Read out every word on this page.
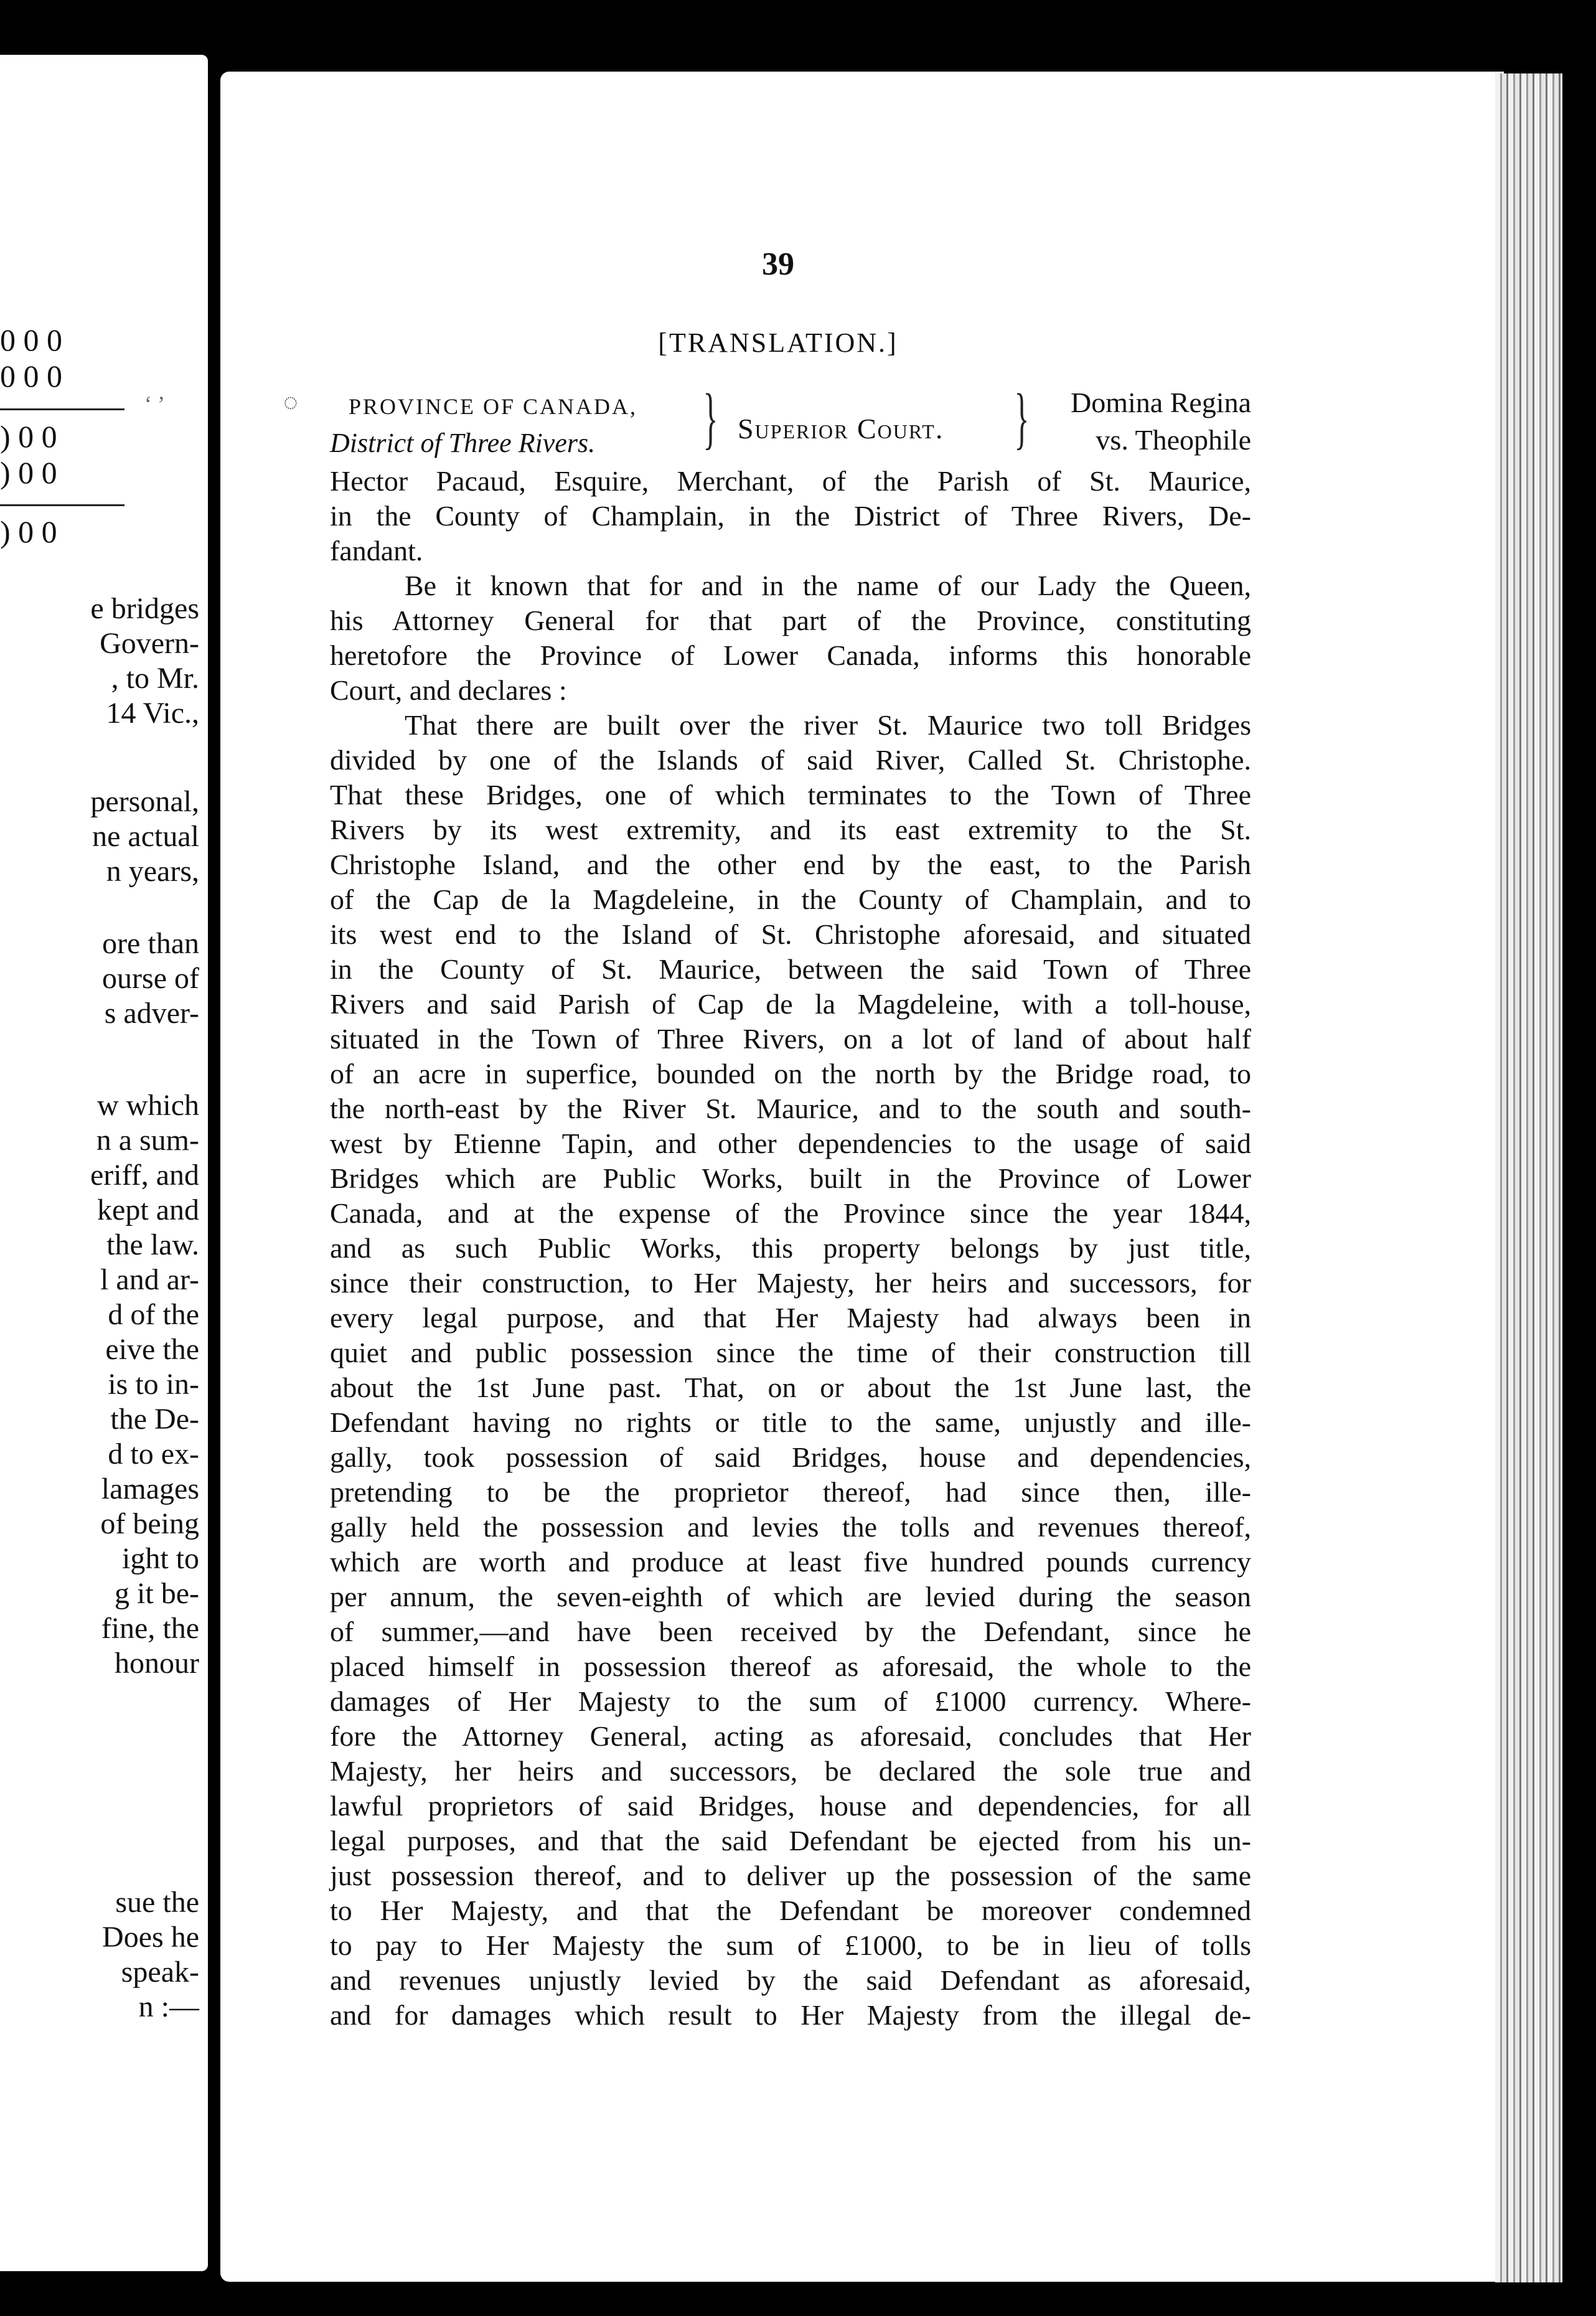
0 0 0
0 0 0
) 0 0
) 0 0
) 0 0
‘ ’
e bridges
Govern-
, to Mr.
14 Vic.,
personal,
ne actual
n years,
ore than
ourse of
s adver-
w which
n a sum-
eriff, and
kept and
the law.
l and ar-
d of the
eive the
is to in-
the De-
d to ex-
lamages
of being
ight to
g it be-
fine, the
honour
sue the
Does he
speak-
n :—
39
[TRANSLATION.]
◌ PROVINCE OF CANADA,
District of Three Rivers. } Superior Court. } Domina Regina
vs. Theophile
Hector Pacaud, Esquire, Merchant, of the Parish of St. Maurice,
in the County of Champlain, in the District of Three Rivers, De-
fandant.
Be it known that for and in the name of our Lady the Queen,
his Attorney General for that part of the Province, constituting
heretofore the Province of Lower Canada, informs this honorable
Court, and declares :
That there are built over the river St. Maurice two toll Bridges
divided by one of the Islands of said River, Called St. Christophe.
That these Bridges, one of which terminates to the Town of Three
Rivers by its west extremity, and its east extremity to the St.
Christophe Island, and the other end by the east, to the Parish
of the Cap de la Magdeleine, in the County of Champlain, and to
its west end to the Island of St. Christophe aforesaid, and situated
in the County of St. Maurice, between the said Town of Three
Rivers and said Parish of Cap de la Magdeleine, with a toll-house,
situated in the Town of Three Rivers, on a lot of land of about half
of an acre in superfice, bounded on the north by the Bridge road, to
the north-east by the River St. Maurice, and to the south and south-
west by Etienne Tapin, and other dependencies to the usage of said
Bridges which are Public Works, built in the Province of Lower
Canada, and at the expense of the Province since the year 1844,
and as such Public Works, this property belongs by just title,
since their construction, to Her Majesty, her heirs and successors, for
every legal purpose, and that Her Majesty had always been in
quiet and public possession since the time of their construction till
about the 1st June past. That, on or about the 1st June last, the
Defendant having no rights or title to the same, unjustly and ille-
gally, took possession of said Bridges, house and dependencies,
pretending to be the proprietor thereof, had since then, ille-
gally held the possession and levies the tolls and revenues thereof,
which are worth and produce at least five hundred pounds currency
per annum, the seven-eighth of which are levied during the season
of summer,—and have been received by the Defendant, since he
placed himself in possession thereof as aforesaid, the whole to the
damages of Her Majesty to the sum of £1000 currency. Where-
fore the Attorney General, acting as aforesaid, concludes that Her
Majesty, her heirs and successors, be declared the sole true and
lawful proprietors of said Bridges, house and dependencies, for all
legal purposes, and that the said Defendant be ejected from his un-
just possession thereof, and to deliver up the possession of the same
to Her Majesty, and that the Defendant be moreover condemned
to pay to Her Majesty the sum of £1000, to be in lieu of tolls
and revenues unjustly levied by the said Defendant as aforesaid,
and for damages which result to Her Majesty from the illegal de-
